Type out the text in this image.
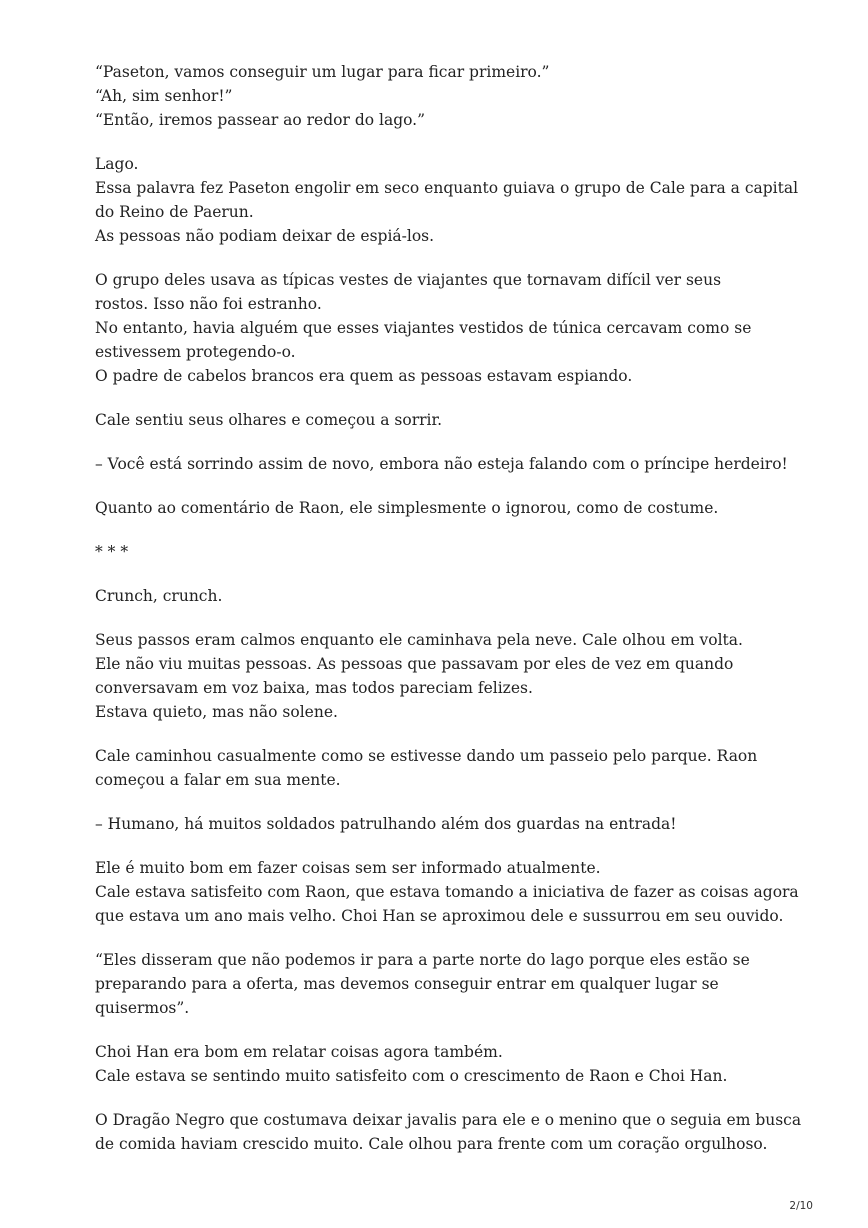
“Paseton, vamos conseguir um lugar para ficar primeiro.”
“Ah, sim senhor!”
“Então, iremos passear ao redor do lago.”

Lago.
Essa palavra fez Paseton engolir em seco enquanto guiava o grupo de Cale para a capital
do Reino de Paerun.
As pessoas não podiam deixar de espiá-los.

O grupo deles usava as típicas vestes de viajantes que tornavam difícil ver seus
rostos. Isso não foi estranho.
No entanto, havia alguém que esses viajantes vestidos de túnica cercavam como se
estivessem protegendo-o.
O padre de cabelos brancos era quem as pessoas estavam espiando.

Cale sentiu seus olhares e começou a sorrir.

– Você está sorrindo assim de novo, embora não esteja falando com o príncipe herdeiro!

Quanto ao comentário de Raon, ele simplesmente o ignorou, como de costume.

* * *

Crunch, crunch.

Seus passos eram calmos enquanto ele caminhava pela neve. Cale olhou em volta.
Ele não viu muitas pessoas. As pessoas que passavam por eles de vez em quando
conversavam em voz baixa, mas todos pareciam felizes.
Estava quieto, mas não solene.

Cale caminhou casualmente como se estivesse dando um passeio pelo parque. Raon
começou a falar em sua mente.

– Humano, há muitos soldados patrulhando além dos guardas na entrada!

Ele é muito bom em fazer coisas sem ser informado atualmente.
Cale estava satisfeito com Raon, que estava tomando a iniciativa de fazer as coisas agora
que estava um ano mais velho. Choi Han se aproximou dele e sussurrou em seu ouvido.

“Eles disseram que não podemos ir para a parte norte do lago porque eles estão se
preparando para a oferta, mas devemos conseguir entrar em qualquer lugar se
quisermos”.

Choi Han era bom em relatar coisas agora também.
Cale estava se sentindo muito satisfeito com o crescimento de Raon e Choi Han.

O Dragão Negro que costumava deixar javalis para ele e o menino que o seguia em busca
de comida haviam crescido muito. Cale olhou para frente com um coração orgulhoso.

2/10
